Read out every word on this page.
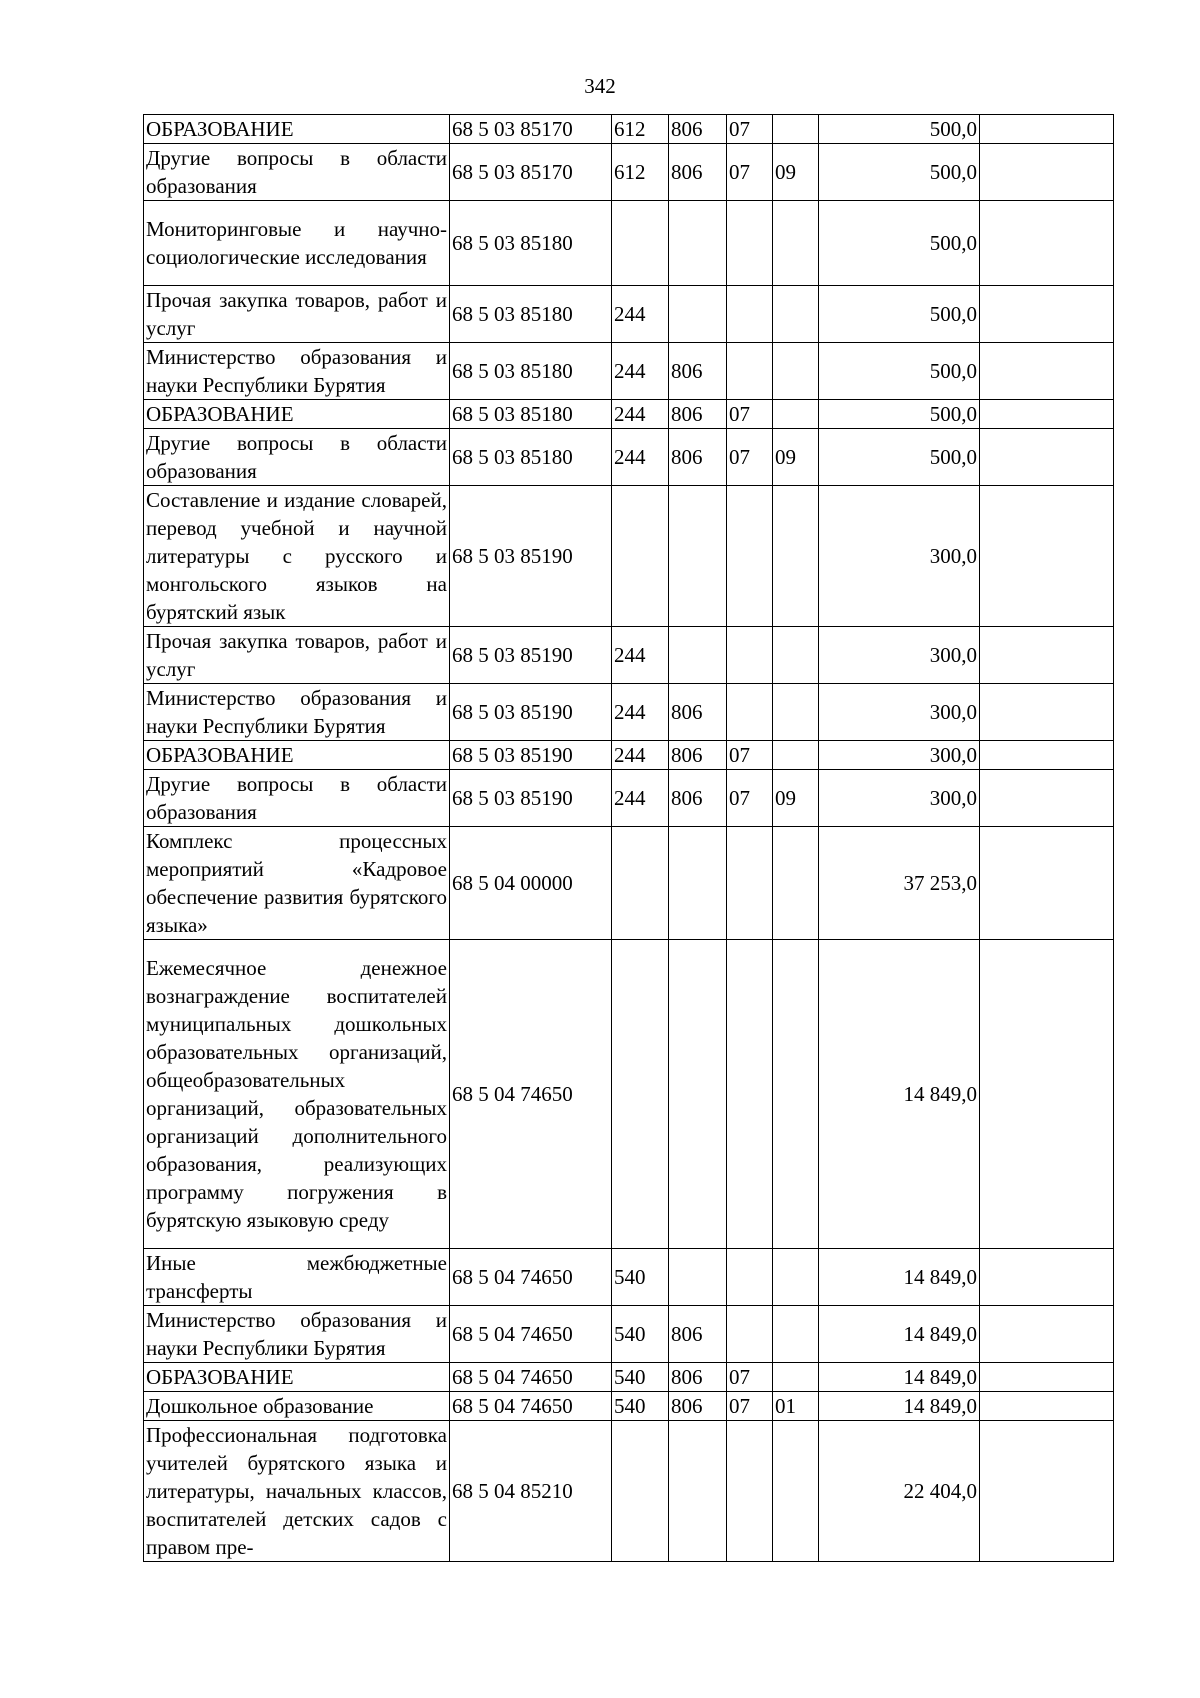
342
ОБРАЗОВАНИЕ	68 5 03 85170	612	806	07		500,0	
Другие вопросы в области образования	68 5 03 85170	612	806	07	09	500,0	
Мониторинговые и научно-социологические исследования	68 5 03 85180					500,0	
Прочая закупка товаров, работ и услуг	68 5 03 85180	244				500,0	
Министерство образования и науки Республики Бурятия	68 5 03 85180	244	806			500,0	
ОБРАЗОВАНИЕ	68 5 03 85180	244	806	07		500,0	
Другие вопросы в области образования	68 5 03 85180	244	806	07	09	500,0	
Составление и издание словарей, перевод учебной и научной литературы с русского и монгольского языков на бурятский язык	68 5 03 85190					300,0	
Прочая закупка товаров, работ и услуг	68 5 03 85190	244				300,0	
Министерство образования и науки Республики Бурятия	68 5 03 85190	244	806			300,0	
ОБРАЗОВАНИЕ	68 5 03 85190	244	806	07		300,0	
Другие вопросы в области образования	68 5 03 85190	244	806	07	09	300,0	
Комплекс процессных мероприятий «Кадровое обеспечение развития бурятского языка»	68 5 04 00000					37 253,0	
Ежемесячное денежное вознаграждение воспитателей муниципальных дошкольных образовательных организаций, общеобразовательных организаций, образовательных организаций дополнительного образования, реализующих программу погружения в бурятскую языковую среду	68 5 04 74650					14 849,0	
Иные межбюджетные трансферты	68 5 04 74650	540				14 849,0	
Министерство образования и науки Республики Бурятия	68 5 04 74650	540	806			14 849,0	
ОБРАЗОВАНИЕ	68 5 04 74650	540	806	07		14 849,0	
Дошкольное образование	68 5 04 74650	540	806	07	01	14 849,0	
Профессиональная подготовка учителей бурятского языка и литературы, начальных классов, воспитателей детских садов с правом пре-	68 5 04 85210					22 404,0	
